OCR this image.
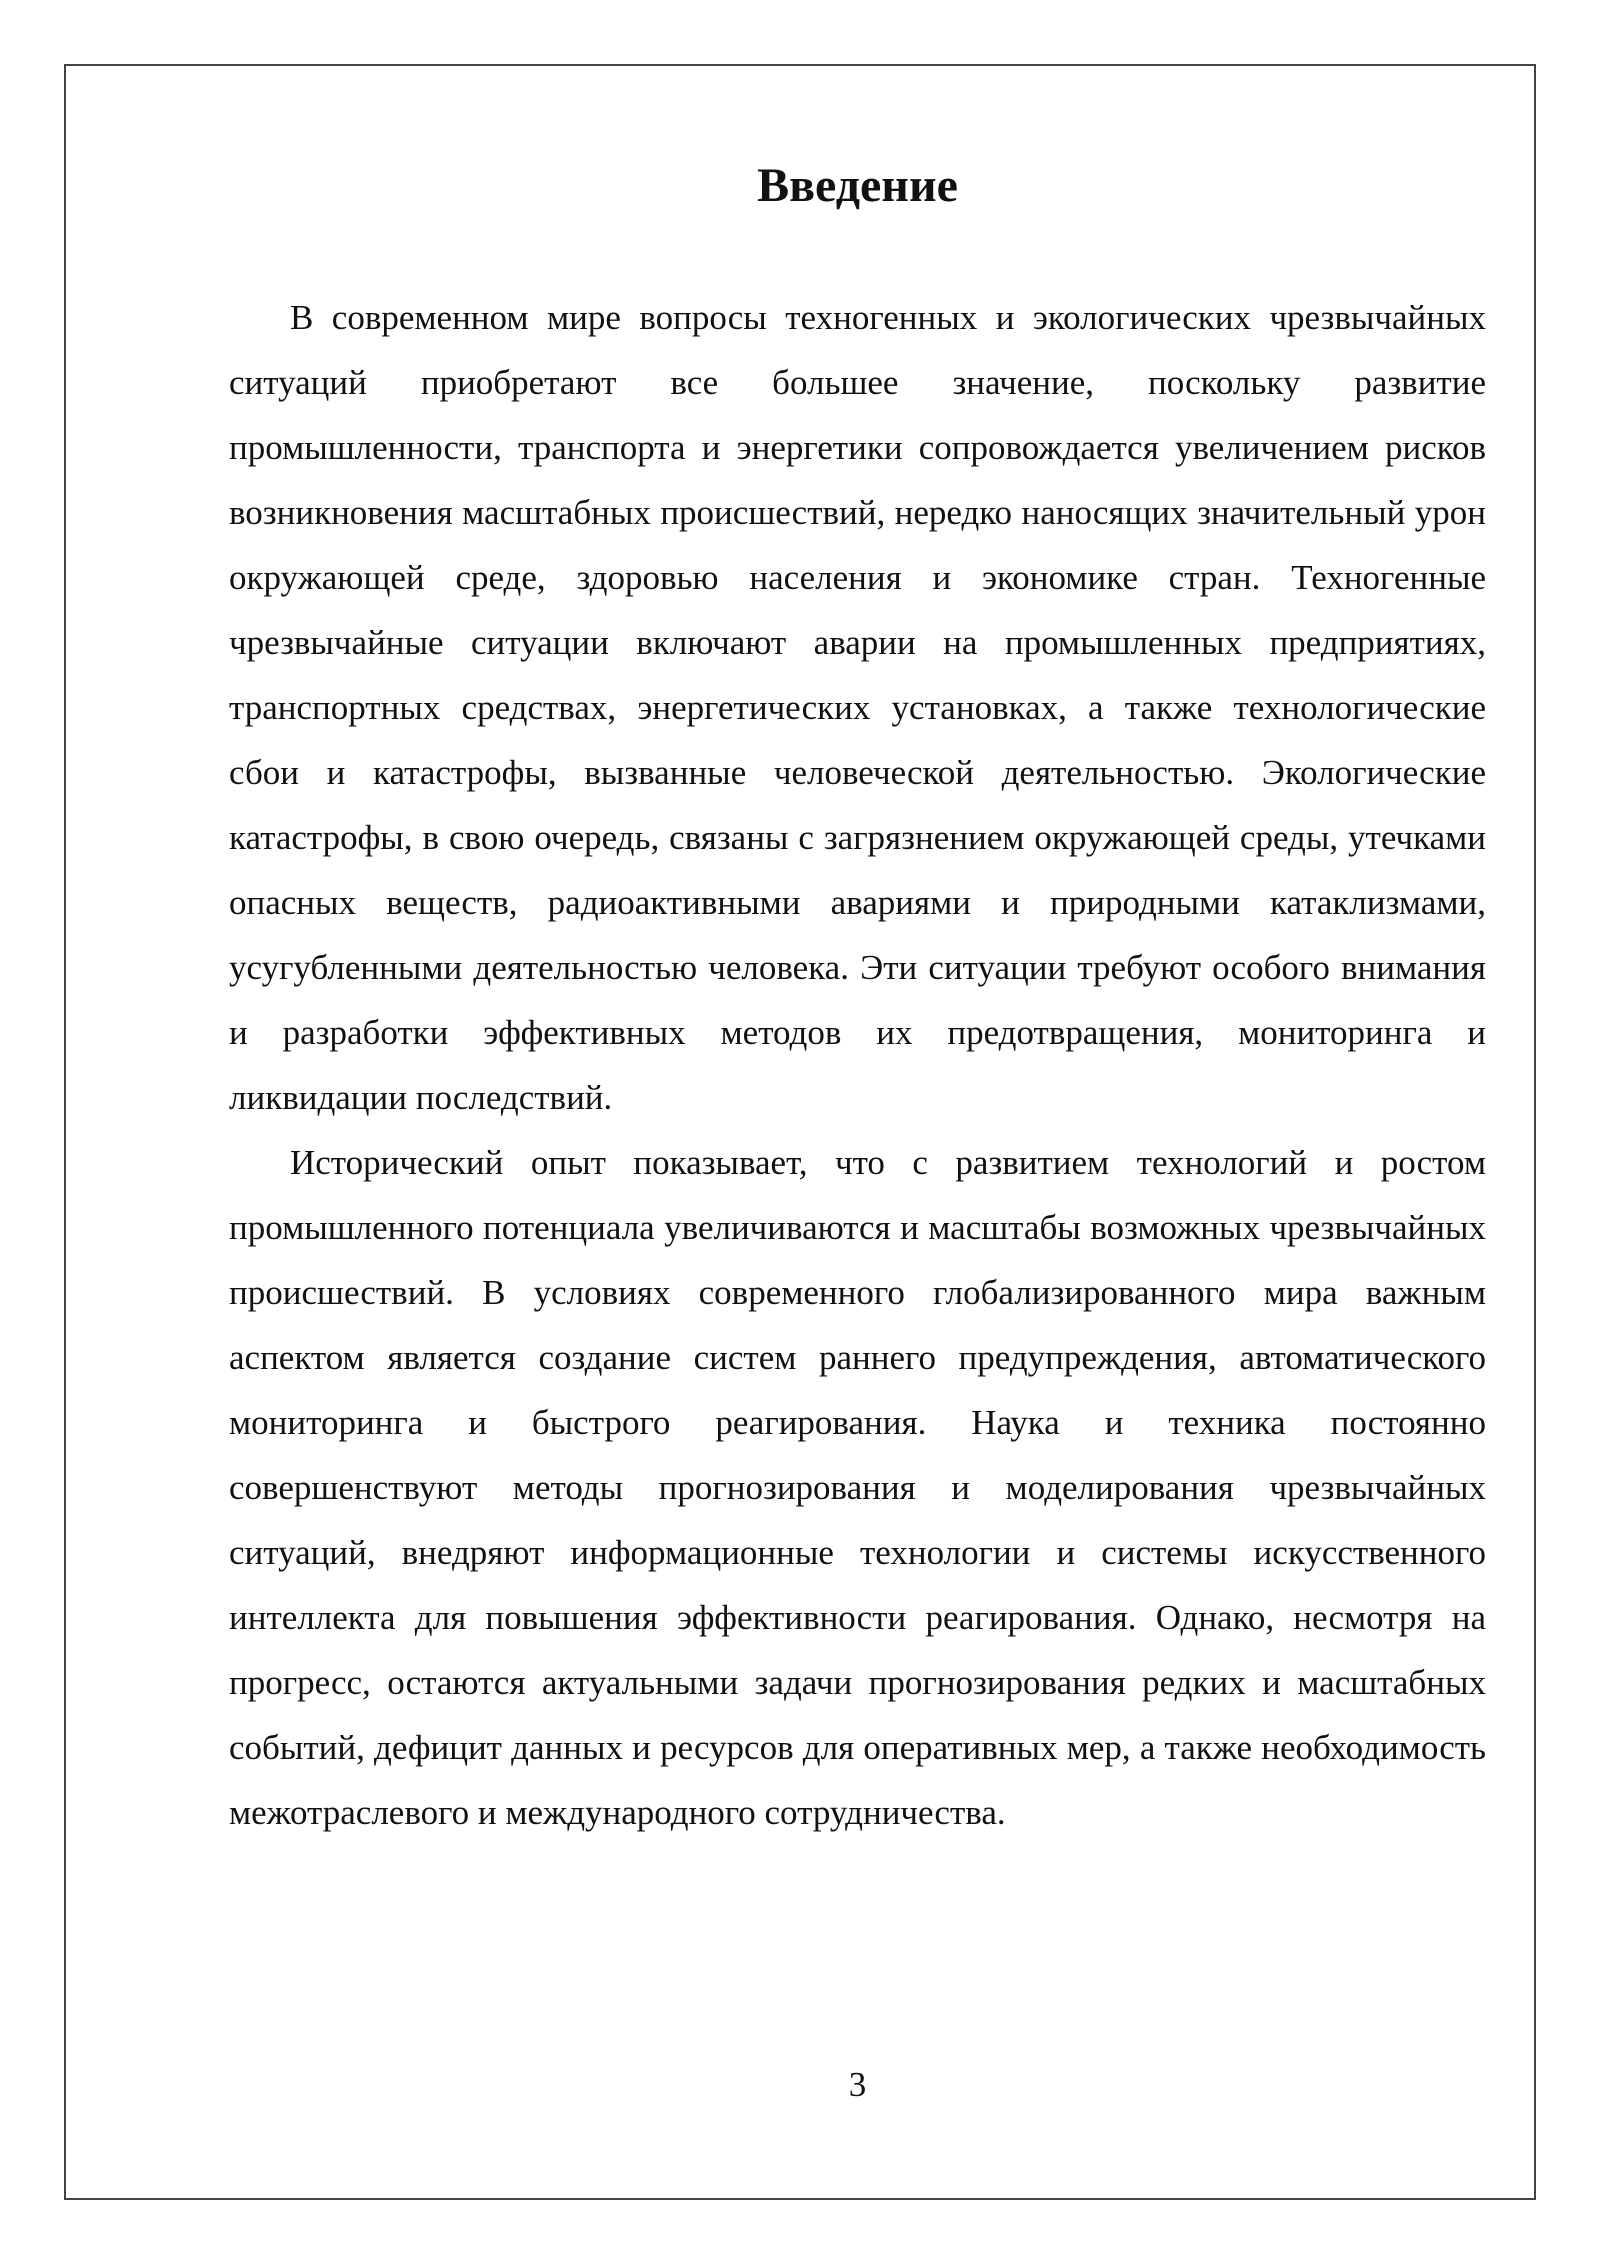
Введение

В современном мире вопросы техногенных и экологических чрезвычайных ситуаций приобретают все большее значение, поскольку развитие промышленности, транспорта и энергетики сопровождается увеличением рисков возникновения масштабных происшествий, нередко наносящих значительный урон окружающей среде, здоровью населения и экономике стран. Техногенные чрезвычайные ситуации включают аварии на промышленных предприятиях, транспортных средствах, энергетических установках, а также технологические сбои и катастрофы, вызванные человеческой деятельностью. Экологические катастрофы, в свою очередь, связаны с загрязнением окружающей среды, утечками опасных веществ, радиоактивными авариями и природными катаклизмами, усугубленными деятельностью человека. Эти ситуации требуют особого внимания и разработки эффективных методов их предотвращения, мониторинга и ликвидации последствий.

Исторический опыт показывает, что с развитием технологий и ростом промышленного потенциала увеличиваются и масштабы возможных чрезвычайных происшествий. В условиях современного глобализированного мира важным аспектом является создание систем раннего предупреждения, автоматического мониторинга и быстрого реагирования. Наука и техника постоянно совершенствуют методы прогнозирования и моделирования чрезвычайных ситуаций, внедряют информационные технологии и системы искусственного интеллекта для повышения эффективности реагирования. Однако, несмотря на прогресс, остаются актуальными задачи прогнозирования редких и масштабных событий, дефицит данных и ресурсов для оперативных мер, а также необходимость межотраслевого и международного сотрудничества.

3
